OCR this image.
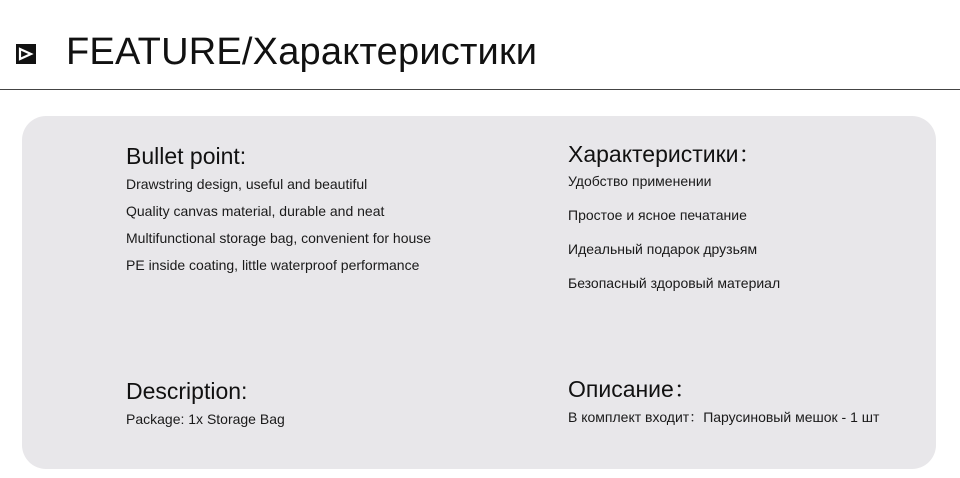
FEATURE/Характеристики
Bullet point:
Drawstring design, useful and beautiful
Quality canvas material, durable and neat
Multifunctional storage bag, convenient for house
PE inside coating, little waterproof performance
Характеристики：
Удобство применении
Простое и ясное печатание
Идеальный подарок друзьям
Безопасный здоровый материал
Description:
Package: 1x Storage Bag
Описание：
В комплект входит：Парусиновый мешок - 1 шт
